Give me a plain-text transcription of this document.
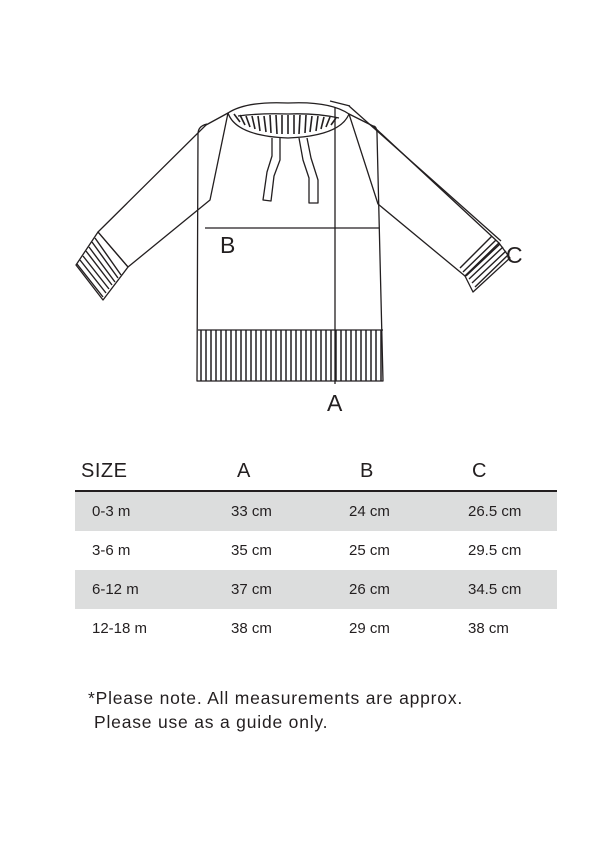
A
B	C
SIZE	A	B	C
0-3 m	33 cm	24 cm	26.5 cm
3-6 m	35 cm	25 cm	29.5 cm
6-12 m	37 cm	26 cm	34.5 cm
12-18 m	38 cm	29 cm	38 cm
*Please note. All measurements are approx.
Please use as a guide only.
